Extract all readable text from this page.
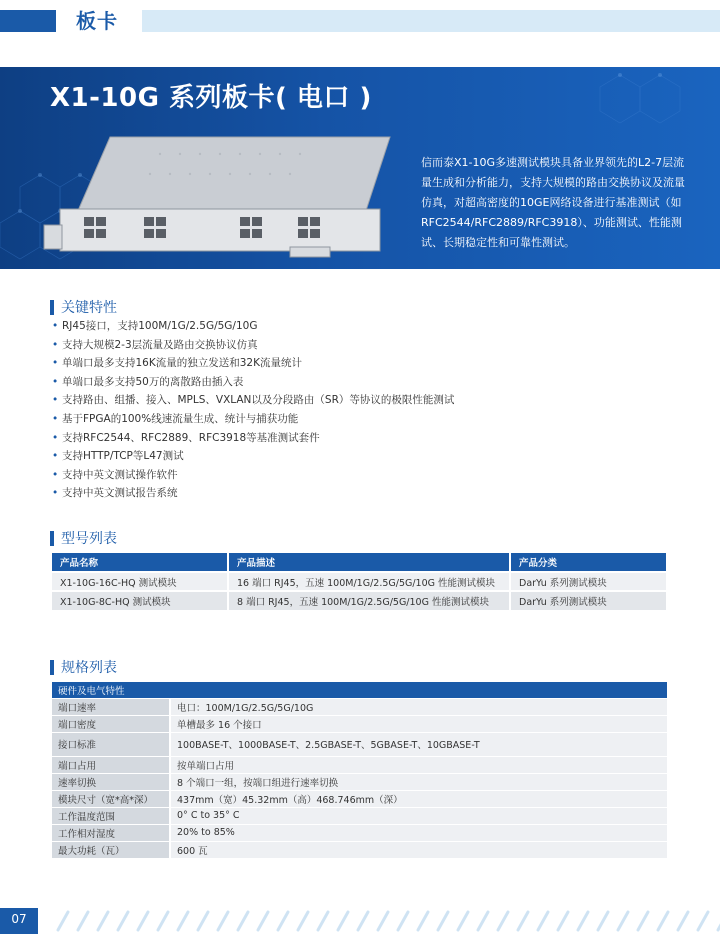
板卡
X1-10G 系列板卡( 电口 )
信而泰X1-10G多速测试模块具备业界领先的L2-7层流量生成和分析能力，支持大规模的路由交换协议及流量仿真，对超高密度的10GE网络设备进行基准测试（如RFC2544/RFC2889/RFC3918）、功能测试、性能测试、长期稳定性和可靠性测试。
关键特性
• RJ45接口，支持100M/1G/2.5G/5G/10G
• 支持大规模2-3层流量及路由交换协议仿真
• 单端口最多支持16K流量的独立发送和32K流量统计
• 单端口最多支持50万的离散路由插入表
• 支持路由、组播、接入、MPLS、VXLAN以及分段路由（SR）等协议的极限性能测试
• 基于FPGA的100%线速流量生成、统计与捕获功能
• 支持RFC2544、RFC2889、RFC3918等基准测试套件
• 支持HTTP/TCP等L47测试
• 支持中英文测试操作软件
• 支持中英文测试报告系统
型号列表
产品名称	产品描述	产品分类
X1-10G-16C-HQ 测试模块	16 端口 RJ45，五速 100M/1G/2.5G/5G/10G 性能测试模块	DarYu 系列测试模块
X1-10G-8C-HQ 测试模块	8 端口 RJ45，五速 100M/1G/2.5G/5G/10G 性能测试模块	DarYu 系列测试模块
规格列表
硬件及电气特性	
端口速率	电口：100M/1G/2.5G/5G/10G
端口密度	单槽最多 16 个接口
接口标准	100BASE-T、1000BASE-T、2.5GBASE-T、5GBASE-T、10GBASE-T
端口占用	按单端口占用
速率切换	8 个端口一组，按端口组进行速率切换
模块尺寸（宽*高*深）	437mm（宽）45.32mm（高）468.746mm（深）
工作温度范围	0° C to 35° C
工作相对湿度	20% to 85%
最大功耗（瓦）	600 瓦
07
